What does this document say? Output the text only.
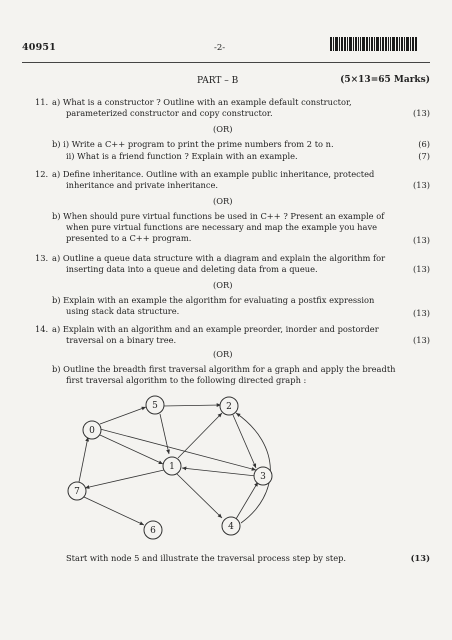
40951	-2-
PART – B	(5×13=65 Marks)
11. a) What is a constructor ? Outline with an example default constructor,
parameterized constructor and copy constructor.	(13)
(OR)
b) i) Write a C++ program to print the prime numbers from 2 to n.	(6)
ii) What is a friend function ? Explain with an example.	(7)
12. a) Define inheritance. Outline with an example public inheritance, protected
inheritance and private inheritance.	(13)
(OR)
b) When should pure virtual functions be used in C++ ? Present an example of
when pure virtual functions are necessary and map the example you have
presented to a C++ program.	(13)
13. a) Outline a queue data structure with a diagram and explain the algorithm for
inserting data into a queue and deleting data from a queue.	(13)
(OR)
b) Explain with an example the algorithm for evaluating a postfix expression
using stack data structure.	(13)
14. a) Explain with an algorithm and an example preorder, inorder and postorder
traversal on a binary tree.	(13)
(OR)
b) Outline the breadth first traversal algorithm for a graph and apply the breadth
first traversal algorithm to the following directed graph :
0
5	2
1
3
7
6	4
Start with node 5 and illustrate the traversal process step by step.	(13)
